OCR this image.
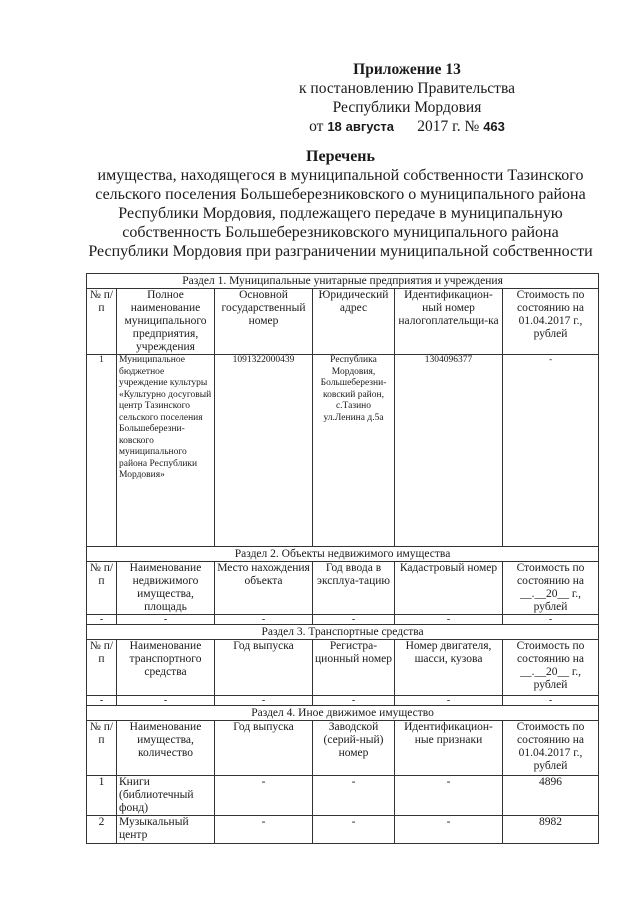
Приложение 13
к постановлению Правительства
Республики Мордовия
от 18 августа 2017 г. № 463
Перечень
имущества, находящегося в муниципальной собственности Тазинского сельского поселения Большеберезниковского о муниципального района Республики Мордовия, подлежащего передаче в муниципальную собственность Большеберезниковского муниципального района Республики Мордовия при разграничении муниципальной собственности
Раздел 1. Муниципальные унитарные предприятия и учреждения					
№ п/п	Полное наименование муниципального предприятия, учреждения	Основной государственный номер	Юридический адрес	Идентификацион-ный номер налогоплательщи-ка	Стоимость по состоянию на 01.04.2017 г., рублей
1	Муниципальное бюджетное учреждение культуры «Культурно досуговый центр Тазинского сельского поселения Большеберезни-ковского муниципального района Республики Мордовия»	1091322000439	Республика Мордовия, Большеберезни-ковский район, с.Тазино ул.Ленина д.5а	1304096377	-
Раздел 2. Объекты недвижимого имущества					
№ п/п	Наименование недвижимого имущества, площадь	Место нахождения объекта	Год ввода в эксплуа-тацию	Кадастровый номер	Стоимость по состоянию на __.__20__ г., рублей
-	-	-	-	-	-
Раздел 3. Транспортные средства					
№ п/п	Наименование транспортного средства	Год выпуска	Регистра-ционный номер	Номер двигателя, шасси, кузова	Стоимость по состоянию на __.__20__ г., рублей
-	-	-	-	-	-
Раздел 4. Иное движимое имущество					
№ п/п	Наименование имущества, количество	Год выпуска	Заводской (серий-ный) номер	Идентификацион-ные признаки	Стоимость по состоянию на 01.04.2017 г., рублей
1	Книги (библиотечный фонд)	-	-	-	4896
2	Музыкальный центр	-	-	-	8982
